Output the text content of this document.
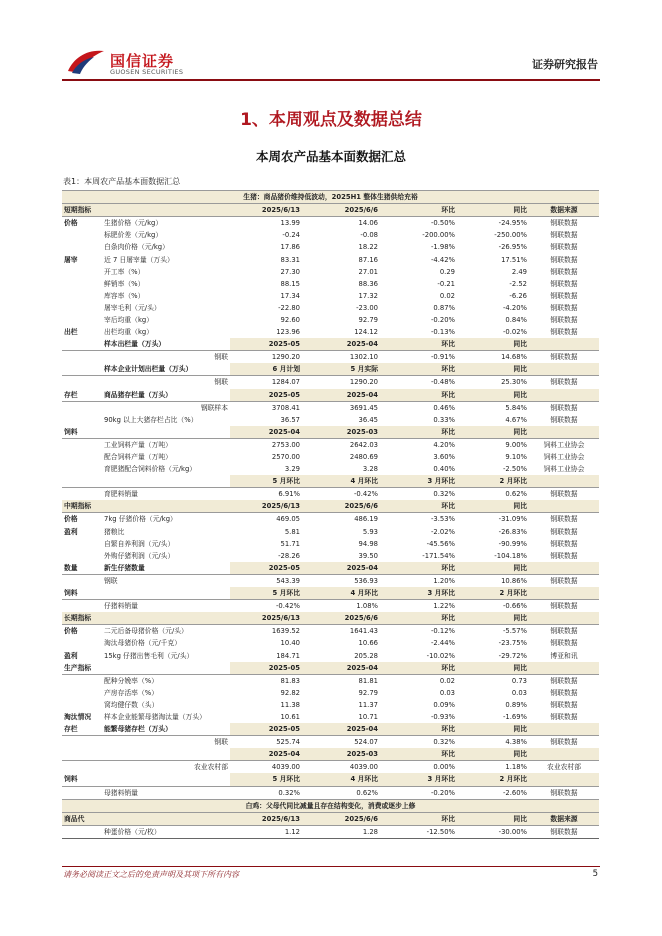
国信证券
GUOSEN SECURITIES
证券研究报告
1、本周观点及数据总结
本周农产品基本面数据汇总
表1：本周农产品基本面数据汇总
生猪：商品猪价维持低波动，2025H1 整体生猪供给充裕						
短期指标		2025/6/13	2025/6/6	环比	同比	数据来源
价格	生猪价格（元/kg）	13.99	14.06	-0.50%	-24.95%	钢联数据
	标肥价差（元/kg）	-0.24	-0.08	-200.00%	-250.00%	钢联数据
	白条肉价格（元/kg）	17.86	18.22	-1.98%	-26.95%	钢联数据
屠宰	近 7 日屠宰量（万头）	83.31	87.16	-4.42%	17.51%	钢联数据
	开工率（%）	27.30	27.01	0.29	2.49	钢联数据
	鲜销率（%）	88.15	88.36	-0.21	-2.52	钢联数据
	库容率（%）	17.34	17.32	0.02	-6.26	钢联数据
	屠宰毛利（元/头）	-22.80	-23.00	0.87%	-4.20%	钢联数据
	宰后均重（kg）	92.60	92.79	-0.20%	0.84%	钢联数据
出栏	出栏均重（kg）	123.96	124.12	-0.13%	-0.02%	钢联数据
	样本出栏量（万头）	2025-05	2025-04	环比	同比	
	钢联	1290.20	1302.10	-0.91%	14.68%	钢联数据
	样本企业计划出栏量（万头）	6 月计划	5 月实际	环比	同比	
	钢联	1284.07	1290.20	-0.48%	25.30%	钢联数据
存栏	商品猪存栏量（万头）	2025-05	2025-04	环比	同比	
	钢联样本	3708.41	3691.45	0.46%	5.84%	钢联数据
	90kg 以上大猪存栏占比（%）	36.57	36.45	0.33%	4.67%	钢联数据
饲料		2025-04	2025-03	环比	同比	
	工业饲料产量（万吨）	2753.00	2642.03	4.20%	9.00%	饲料工业协会
	配合饲料产量（万吨）	2570.00	2480.69	3.60%	9.10%	饲料工业协会
	育肥猪配合饲料价格（元/kg）	3.29	3.28	0.40%	-2.50%	饲料工业协会
		5 月环比	4 月环比	3 月环比	2 月环比	
	育肥料销量	6.91%	-0.42%	0.32%	0.62%	钢联数据
中期指标		2025/6/13	2025/6/6	环比	同比	
价格	7kg 仔猪价格（元/kg）	469.05	486.19	-3.53%	-31.09%	钢联数据
盈利	猪粮比	5.81	5.93	-2.02%	-26.83%	钢联数据
	自繁自养利润（元/头）	51.71	94.98	-45.56%	-90.99%	钢联数据
	外购仔猪利润（元/头）	-28.26	39.50	-171.54%	-104.18%	钢联数据
数量	新生仔猪数量	2025-05	2025-04	环比	同比	
	钢联	543.39	536.93	1.20%	10.86%	钢联数据
饲料		5 月环比	4 月环比	3 月环比	2 月环比	
	仔猪料销量	-0.42%	1.08%	1.22%	-0.66%	钢联数据
长期指标		2025/6/13	2025/6/6	环比	同比	
价格	二元后备母猪价格（元/头）	1639.52	1641.43	-0.12%	-5.57%	钢联数据
	淘汰母猪价格（元/千克）	10.40	10.66	-2.44%	-23.75%	钢联数据
盈利	15kg 仔猪出售毛利（元/头）	184.71	205.28	-10.02%	-29.72%	博亚和讯
生产指标		2025-05	2025-04	环比	同比	
	配种分娩率（%）	81.83	81.81	0.02	0.73	钢联数据
	产房存活率（%）	92.82	92.79	0.03	0.03	钢联数据
	窝均健仔数（头）	11.38	11.37	0.09%	0.89%	钢联数据
淘汰情况	样本企业能繁母猪淘汰量（万头）	10.61	10.71	-0.93%	-1.69%	钢联数据
存栏	能繁母猪存栏（万头）	2025-05	2025-04	环比	同比	
	钢联	525.74	524.07	0.32%	4.38%	钢联数据
		2025-04	2025-03	环比	同比	
	农业农村部	4039.00	4039.00	0.00%	1.18%	农业农村部
饲料		5 月环比	4 月环比	3 月环比	2 月环比	
	母猪料销量	0.32%	0.62%	-0.20%	-2.60%	钢联数据
白鸡：父母代同比减量且存在结构变化，消费或逐步上修						
商品代		2025/6/13	2025/6/6	环比	同比	数据来源
	种蛋价格（元/枚）	1.12	1.28	-12.50%	-30.00%	钢联数据
请务必阅读正文之后的免责声明及其项下所有内容	5
